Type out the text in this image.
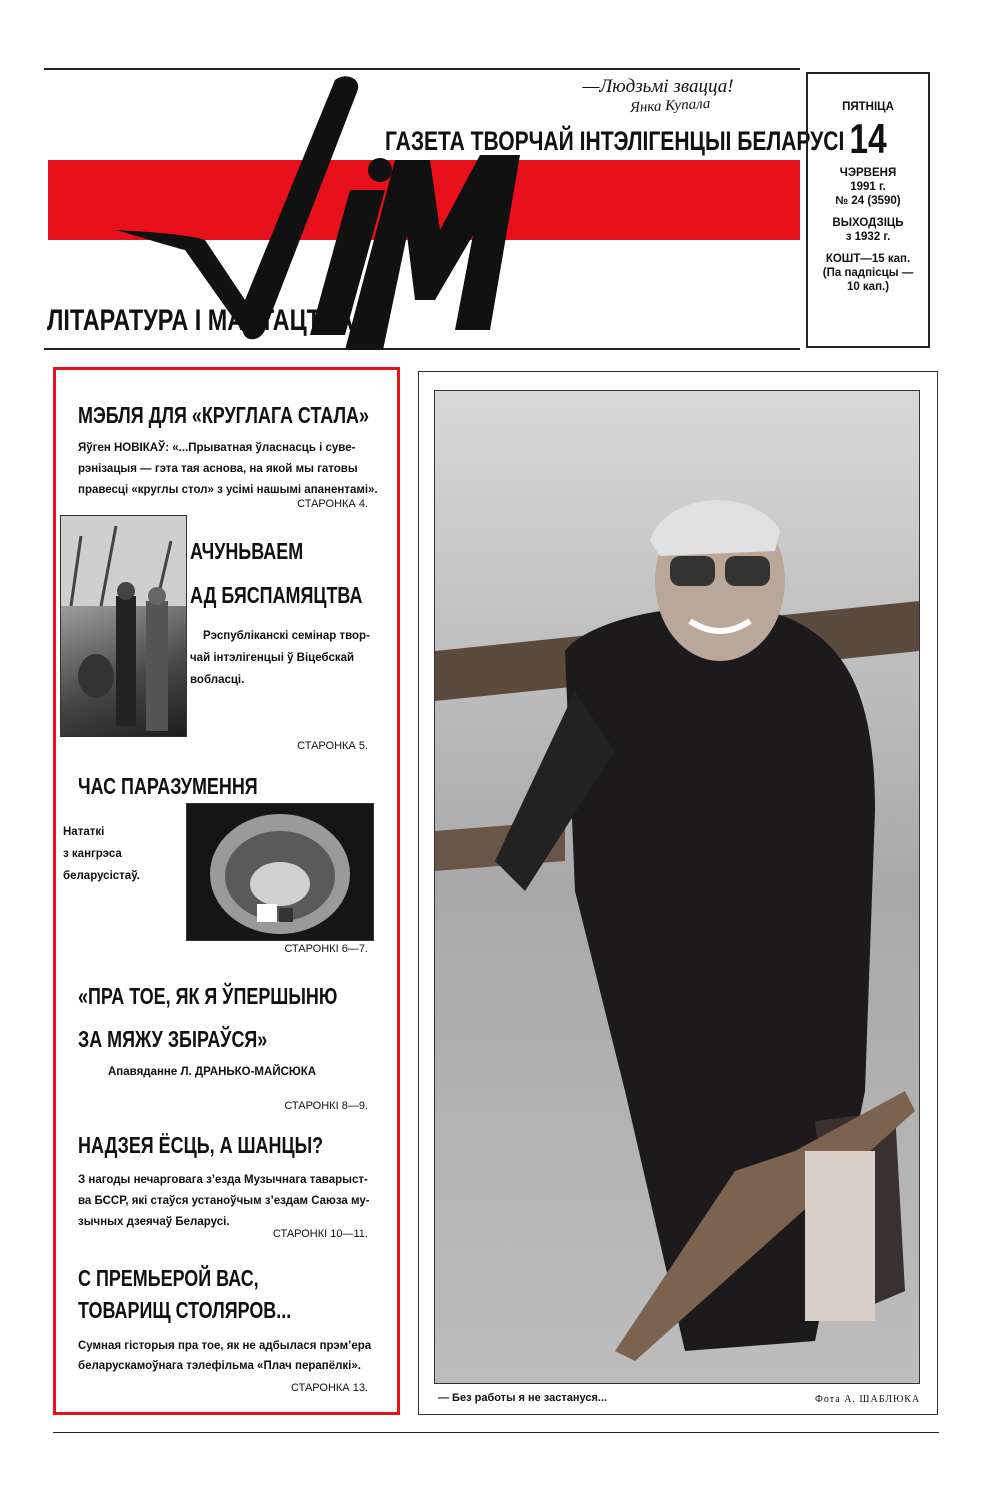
—Людзьмі звацца!
Янка Купала
ГАЗЕТА ТВОРЧАЙ ІНТЭЛІГЕНЦЫІ БЕЛАРУСІ
ЛІТАРАТУРА І МАСТАЦТВА
ПЯТНІЦА
14
ЧЭРВЕНЯ
1991 г.
№ 24 (3590)
ВЫХОДЗІЦЬ
з 1932 г.
КОШТ—15 кап.
(Па падпісцы —
10 кап.)
МЭБЛЯ ДЛЯ «КРУГЛАГА СТАЛА»
Яўген НОВІКАЎ: «...Прыватная ўласнасць і суве-
рэнізацыя — гэта тая аснова, на якой мы гатовы
правесці «круглы стол» з усімі нашымі апанентамі».
СТАРОНКА 4.
АЧУНЬВАЕМ
АД БЯСПАМЯЦТВА
Рэспубліканскі семінар твор-
чай інтэлігенцыі ў Віцебскай
вобласці.
СТАРОНКА 5.
ЧАС ПАРАЗУМЕННЯ
Нататкі
з кангрэса
беларусістаў.
СТАРОНКІ 6—7.
«ПРА ТОЕ, ЯК Я ЎПЕРШЫНЮ
ЗА МЯЖУ ЗБІРАЎСЯ»
Апавяданне Л. ДРАНЬКО-МАЙСЮКА
СТАРОНКІ 8—9.
НАДЗЕЯ ЁСЦЬ, А ШАНЦЫ?
З нагоды нечарговага з’езда Музычнага таварыст-
ва БССР, які стаўся устаноўчым з’ездам Саюза му-
зычных дзеячаў Беларусі.
СТАРОНКІ 10—11.
С ПРЕМЬЕРОЙ ВАС,
ТОВАРИЩ СТОЛЯРОВ...
Сумная гісторыя пра тое, як не адбылася прэм’ера
беларускамоўнага тэлефільма «Плач перапёлкі».
СТАРОНКА 13.
— Без работы я не застануся...	Фота А. ШАБЛЮКА
